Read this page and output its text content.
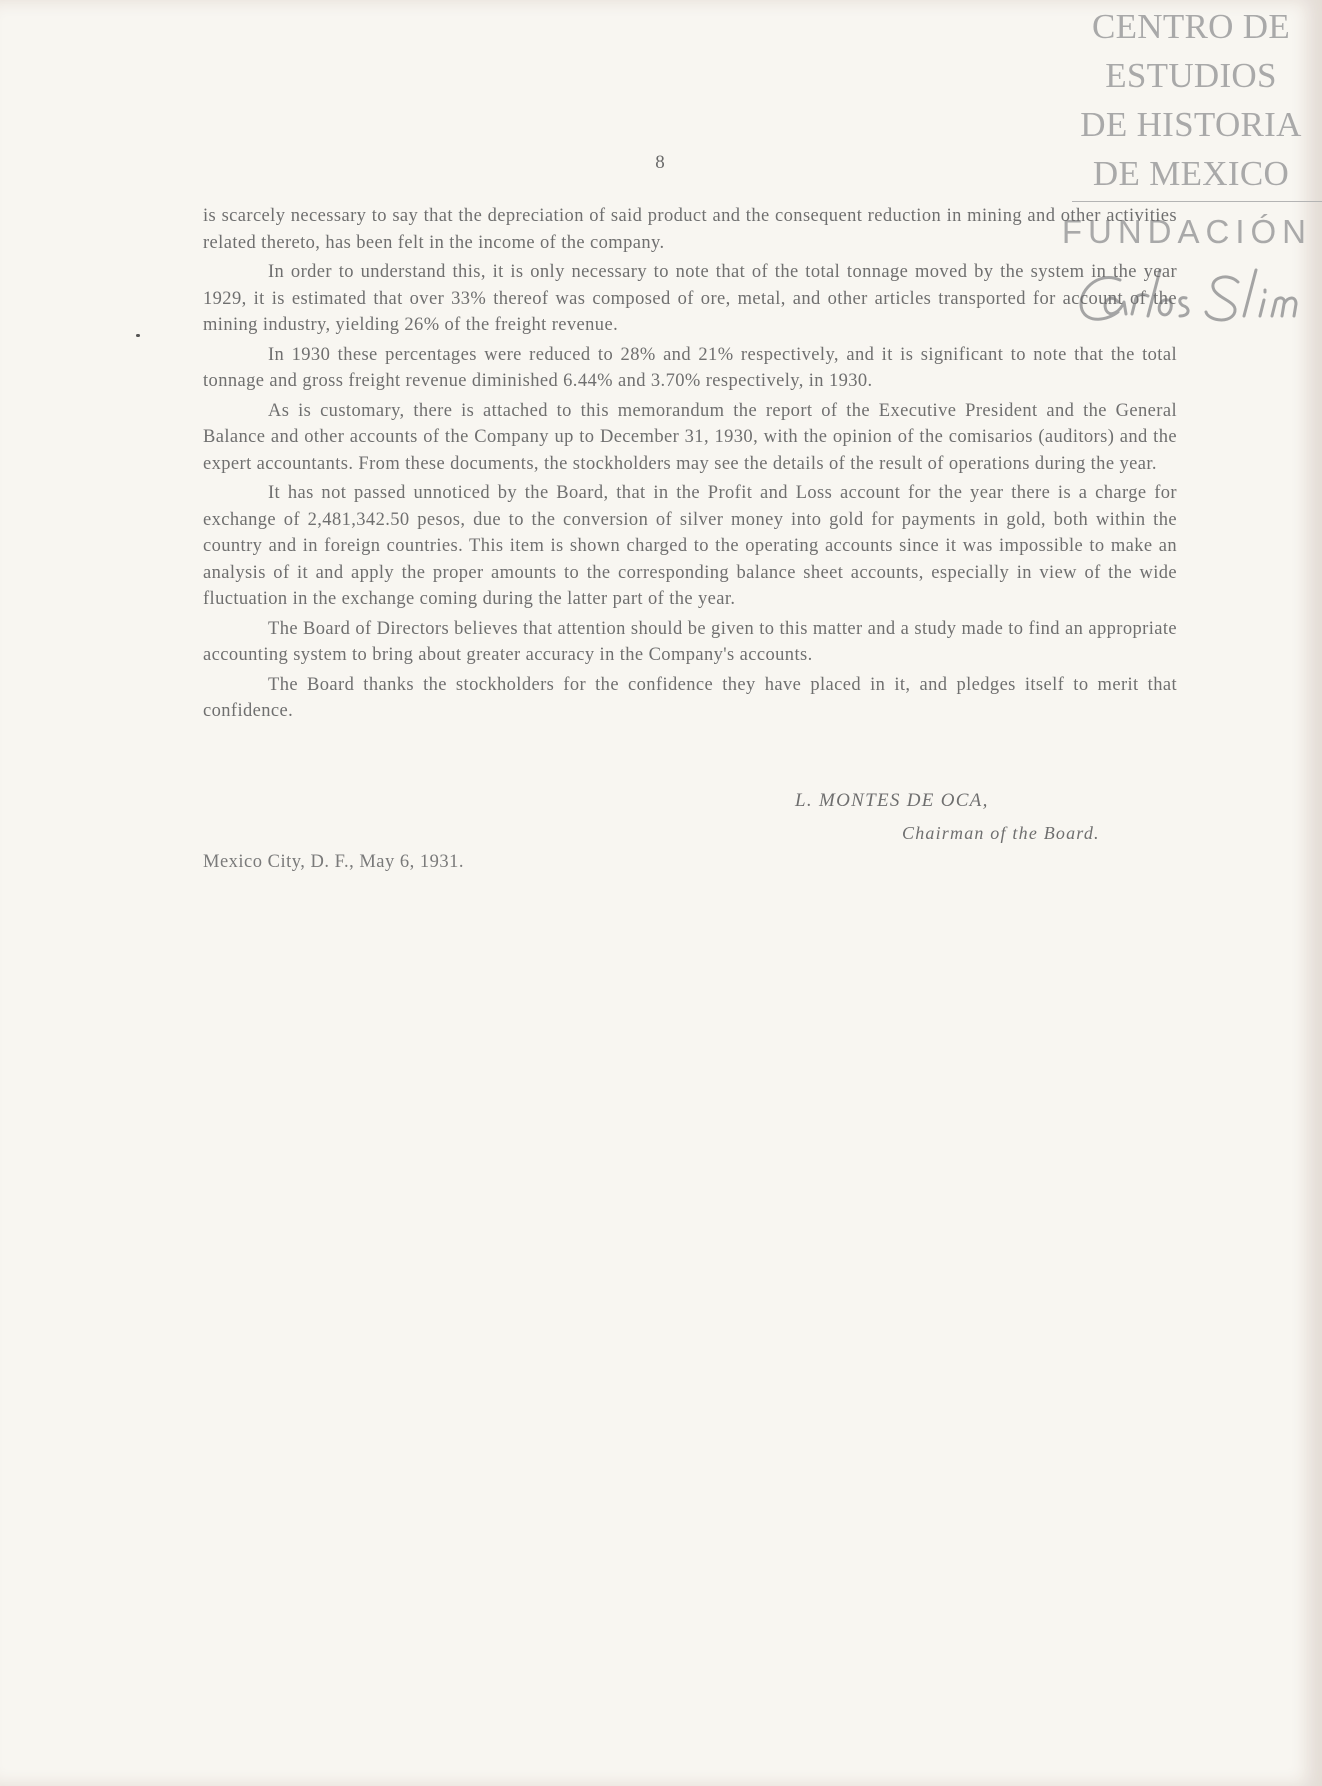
8
CENTRO DE
ESTUDIOS
DE HISTORIA
DE MEXICO
FUNDACIÓN

is scarcely necessary to say that the depreciation of said product and the consequent reduction in mining and other activities related thereto, has been felt in the income of the company.

In order to understand this, it is only necessary to note that of the total tonnage moved by the system in the year 1929, it is estimated that over 33% thereof was composed of ore, metal, and other articles transported for account of the mining industry, yielding 26% of the freight revenue.

In 1930 these percentages were reduced to 28% and 21% respectively, and it is significant to note that the total tonnage and gross freight revenue diminished 6.44% and 3.70% respectively, in 1930.

As is customary, there is attached to this memorandum the report of the Executive President and the General Balance and other accounts of the Company up to December 31, 1930, with the opinion of the comisarios (auditors) and the expert accountants. From these documents, the stockholders may see the details of the result of operations during the year.

It has not passed unnoticed by the Board, that in the Profit and Loss account for the year there is a charge for exchange of 2,481,342.50 pesos, due to the conversion of silver money into gold for payments in gold, both within the country and in foreign countries. This item is shown charged to the operating accounts since it was impossible to make an analysis of it and apply the proper amounts to the corresponding balance sheet accounts, especially in view of the wide fluctuation in the exchange coming during the latter part of the year.

The Board of Directors believes that attention should be given to this matter and a study made to find an appropriate accounting system to bring about greater accuracy in the Company's accounts.

The Board thanks the stockholders for the confidence they have placed in it, and pledges itself to merit that confidence.

L. MONTES DE OCA,
Chairman of the Board.
Mexico City, D. F., May 6, 1931.
